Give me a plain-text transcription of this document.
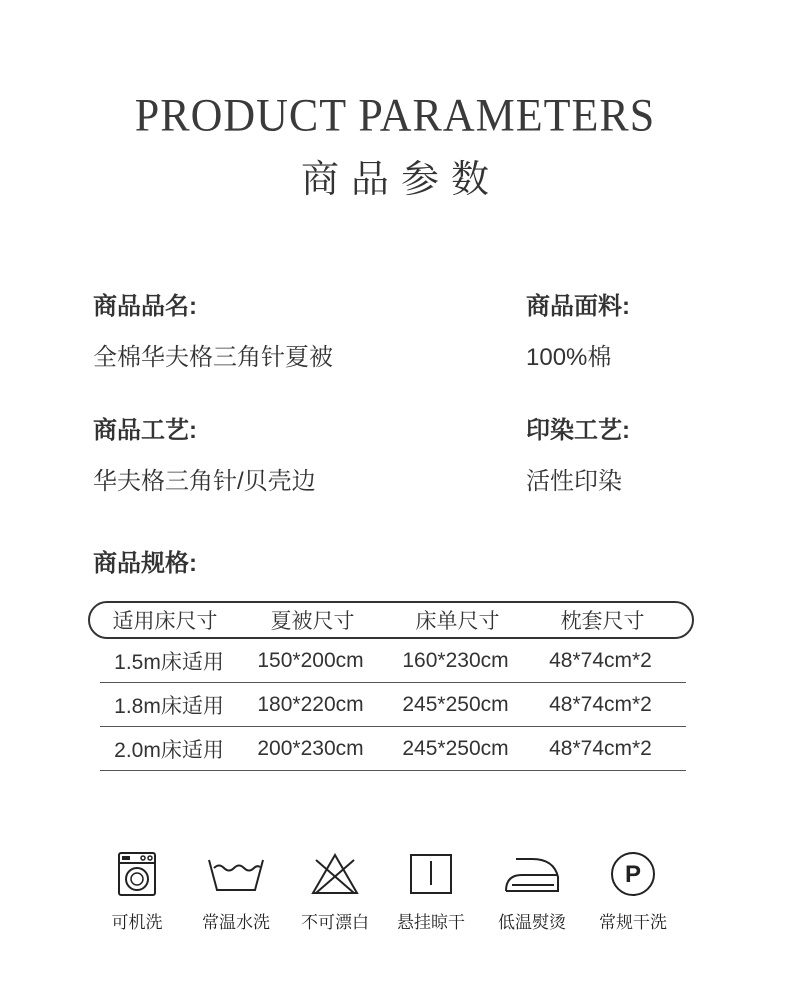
PRODUCT PARAMETERS
商品参数
商品品名:
全棉华夫格三角针夏被
商品面料:
100%棉
商品工艺:
华夫格三角针/贝壳边
印染工艺:
活性印染
商品规格:
适用床尺寸	夏被尺寸	床单尺寸	枕套尺寸
1.5m床适用	150*200cm	160*230cm	48*74cm*2
1.8m床适用	180*220cm	245*250cm	48*74cm*2
2.0m床适用	200*230cm	245*250cm	48*74cm*2
可机洗	常温水洗	不可漂白	悬挂晾干	低温熨烫
P
常规干洗
